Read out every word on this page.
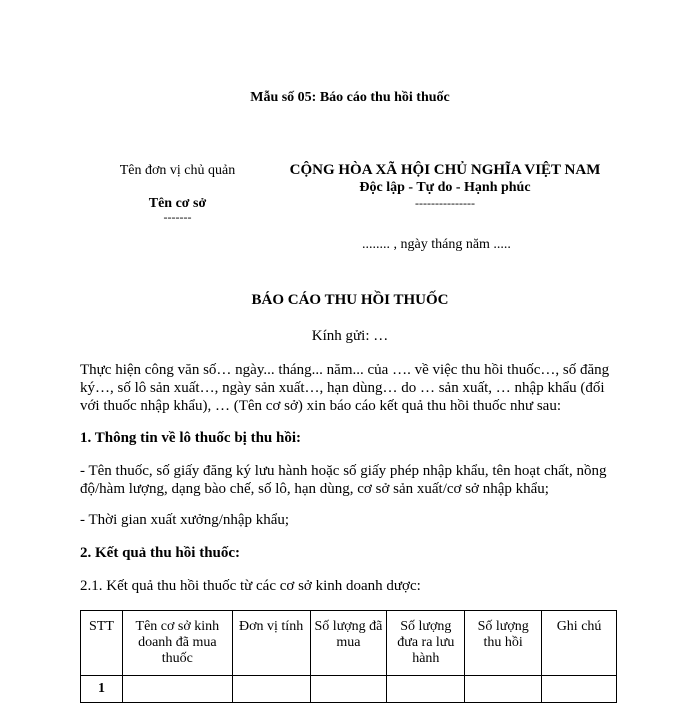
Mẫu số 05: Báo cáo thu hồi thuốc
Tên đơn vị chủ quản
Tên cơ sở
-------
CỘNG HÒA XÃ HỘI CHỦ NGHĨA VIỆT NAM
Độc lập - Tự do - Hạnh phúc
---------------
........ , ngày tháng năm .....
BÁO CÁO THU HỒI THUỐC
Kính gửi: …
Thực hiện công văn số… ngày... tháng... năm... của …. về việc thu hồi thuốc…, số đăng ký…, số lô sản xuất…, ngày sản xuất…, hạn dùng… do … sản xuất, … nhập khẩu (đối với thuốc nhập khẩu), … (Tên cơ sở) xin báo cáo kết quả thu hồi thuốc như sau:
1. Thông tin về lô thuốc bị thu hồi:
- Tên thuốc, số giấy đăng ký lưu hành hoặc số giấy phép nhập khẩu, tên hoạt chất, nồng độ/hàm lượng, dạng bào chế, số lô, hạn dùng, cơ sở sản xuất/cơ sở nhập khẩu;
- Thời gian xuất xưởng/nhập khẩu;
2. Kết quả thu hồi thuốc:
2.1. Kết quả thu hồi thuốc từ các cơ sở kinh doanh dược:
STT	Tên cơ sở kinh doanh đã mua thuốc	Đơn vị tính	Số lượng đã mua	Số lượng đưa ra lưu hành	Số lượng thu hồi	Ghi chú
1						
